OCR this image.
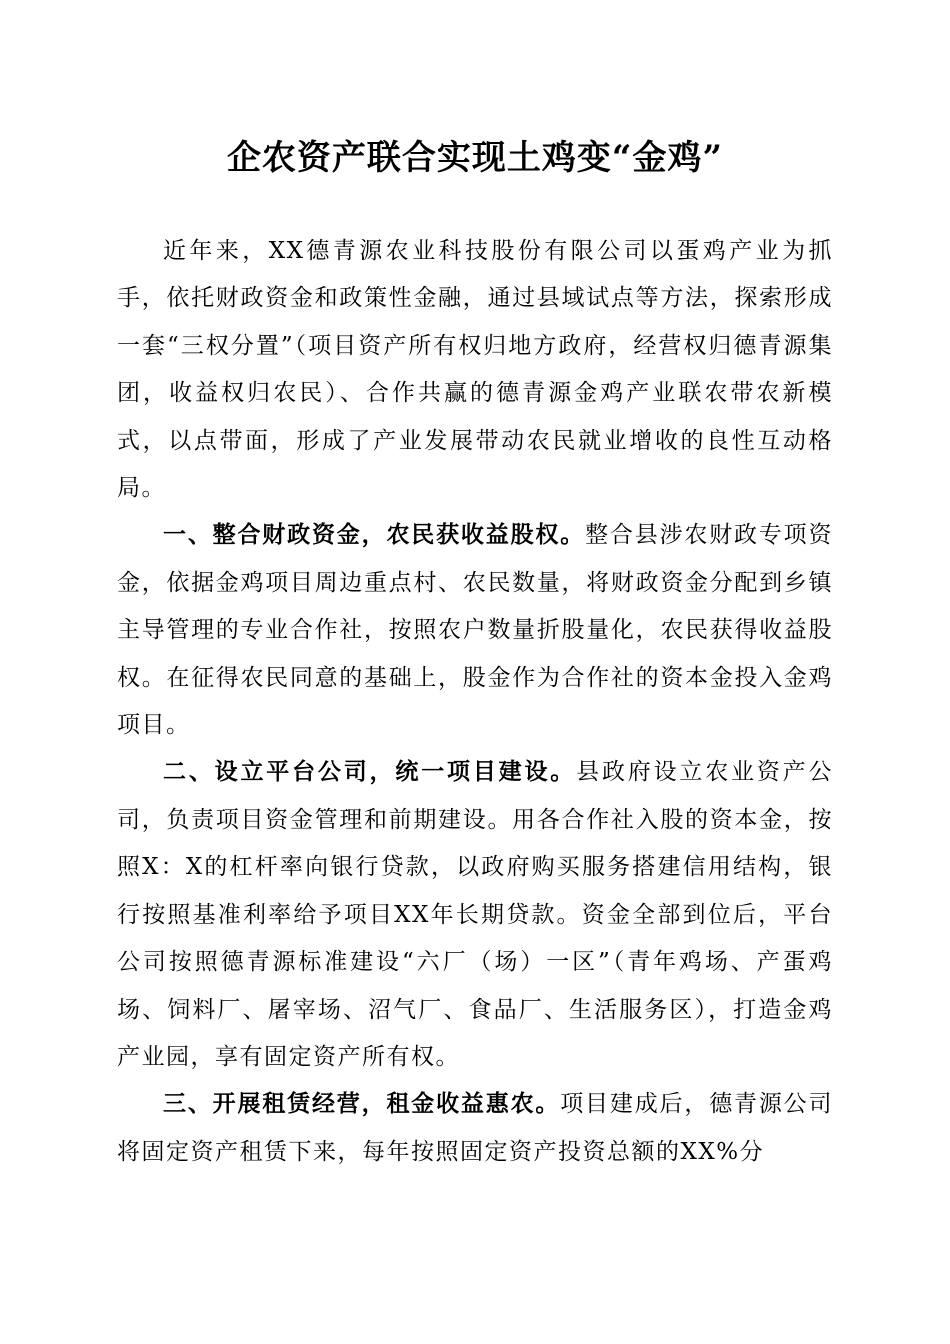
企农资产联合实现土鸡变“金鸡”

近年来，XX德青源农业科技股份有限公司以蛋鸡产业为抓手，依托财政资金和政策性金融，通过县域试点等方法，探索形成一套“三权分置”（项目资产所有权归地方政府，经营权归德青源集团，收益权归农民）、合作共赢的德青源金鸡产业联农带农新模式，以点带面，形成了产业发展带动农民就业增收的良性互动格局。

一、整合财政资金，农民获收益股权。整合县涉农财政专项资金，依据金鸡项目周边重点村、农民数量，将财政资金分配到乡镇主导管理的专业合作社，按照农户数量折股量化，农民获得收益股权。在征得农民同意的基础上，股金作为合作社的资本金投入金鸡项目。

二、设立平台公司，统一项目建设。县政府设立农业资产公司，负责项目资金管理和前期建设。用各合作社入股的资本金，按照X：X的杠杆率向银行贷款，以政府购买服务搭建信用结构，银行按照基准利率给予项目XX年长期贷款。资金全部到位后，平台公司按照德青源标准建设“六厂（场）一区”（青年鸡场、产蛋鸡场、饲料厂、屠宰场、沼气厂、食品厂、生活服务区），打造金鸡产业园，享有固定资产所有权。

三、开展租赁经营，租金收益惠农。项目建成后，德青源公司将固定资产租赁下来，每年按照固定资产投资总额的XX%分
